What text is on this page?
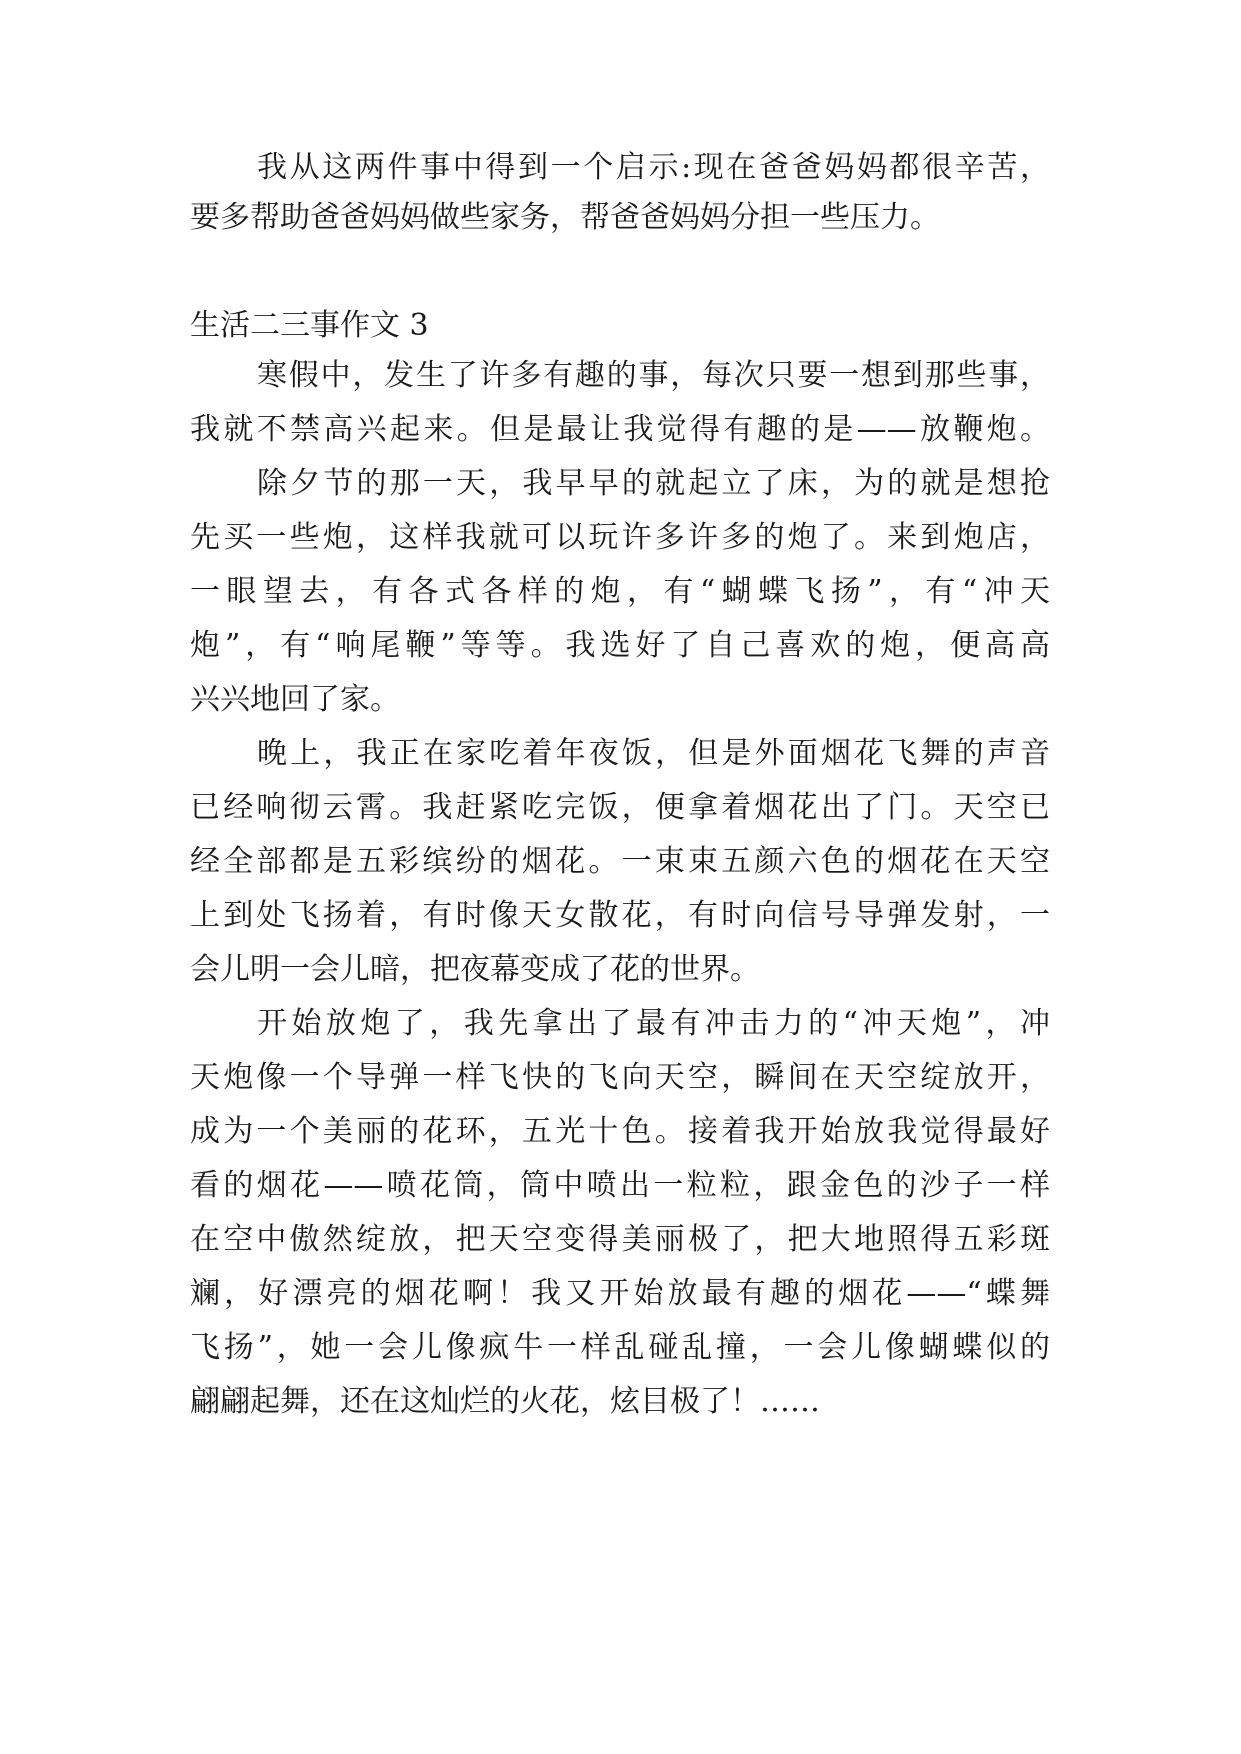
我从这两件事中得到一个启示:现在爸爸妈妈都很辛苦，
要多帮助爸爸妈妈做些家务，帮爸爸妈妈分担一些压力。
生活二三事作文 3
寒假中，发生了许多有趣的事，每次只要一想到那些事，
我就不禁高兴起来。但是最让我觉得有趣的是——放鞭炮。
除夕节的那一天，我早早的就起立了床，为的就是想抢
先买一些炮，这样我就可以玩许多许多的炮了。来到炮店，
一眼望去，有各式各样的炮，有“蝴蝶飞扬”，有“冲天
炮”，有“响尾鞭”等等。我选好了自己喜欢的炮，便高高
兴兴地回了家。
晚上，我正在家吃着年夜饭，但是外面烟花飞舞的声音
已经响彻云霄。我赶紧吃完饭，便拿着烟花出了门。天空已
经全部都是五彩缤纷的烟花。一束束五颜六色的烟花在天空
上到处飞扬着，有时像天女散花，有时向信号导弹发射，一
会儿明一会儿暗，把夜幕变成了花的世界。
开始放炮了，我先拿出了最有冲击力的“冲天炮”，冲
天炮像一个导弹一样飞快的飞向天空，瞬间在天空绽放开，
成为一个美丽的花环，五光十色。接着我开始放我觉得最好
看的烟花——喷花筒，筒中喷出一粒粒，跟金色的沙子一样
在空中傲然绽放，把天空变得美丽极了，把大地照得五彩斑
斓，好漂亮的烟花啊！我又开始放最有趣的烟花——“蝶舞
飞扬”，她一会儿像疯牛一样乱碰乱撞，一会儿像蝴蝶似的
翩翩起舞，还在这灿烂的火花，炫目极了！……
